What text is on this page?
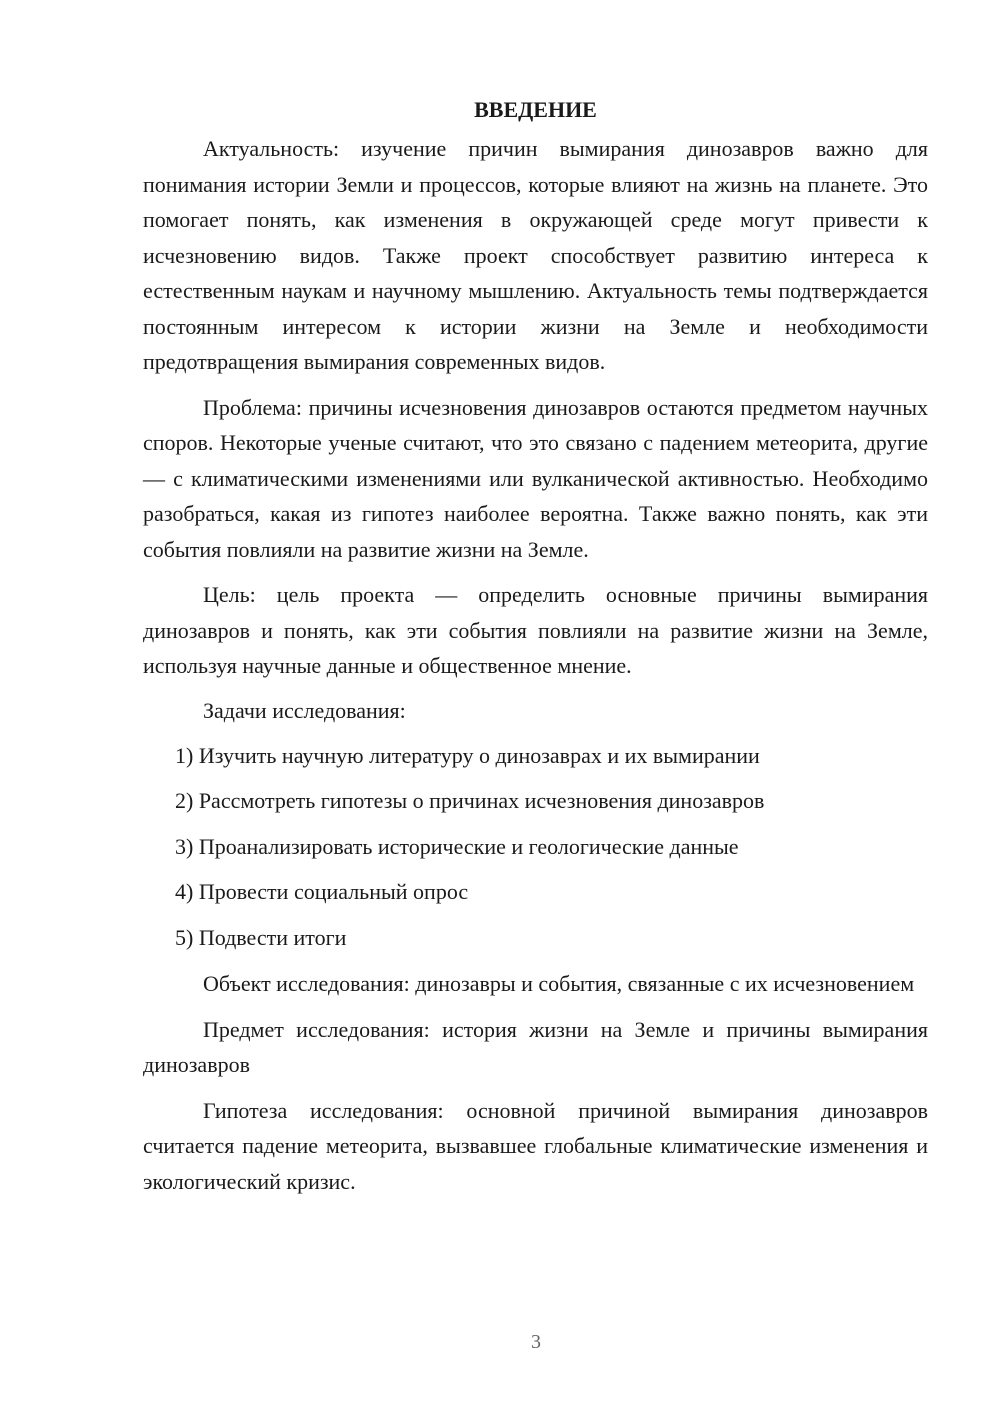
ВВЕДЕНИЕ

Актуальность: изучение причин вымирания динозавров важно для понимания истории Земли и процессов, которые влияют на жизнь на планете. Это помогает понять, как изменения в окружающей среде могут привести к исчезновению видов. Также проект способствует развитию интереса к естественным наукам и научному мышлению. Актуальность темы подтверждается постоянным интересом к истории жизни на Земле и необходимости предотвращения вымирания современных видов.

Проблема: причины исчезновения динозавров остаются предметом научных споров. Некоторые ученые считают, что это связано с падением метеорита, другие — с климатическими изменениями или вулканической активностью. Необходимо разобраться, какая из гипотез наиболее вероятна. Также важно понять, как эти события повлияли на развитие жизни на Земле.

Цель: цель проекта — определить основные причины вымирания динозавров и понять, как эти события повлияли на развитие жизни на Земле, используя научные данные и общественное мнение.

Задачи исследования:
1) Изучить научную литературу о динозаврах и их вымирании
2) Рассмотреть гипотезы о причинах исчезновения динозавров
3) Проанализировать исторические и геологические данные
4) Провести социальный опрос
5) Подвести итоги

Объект исследования: динозавры и события, связанные с их исчезновением

Предмет исследования: история жизни на Земле и причины вымирания динозавров

Гипотеза исследования: основной причиной вымирания динозавров считается падение метеорита, вызвавшее глобальные климатические изменения и экологический кризис.

3
